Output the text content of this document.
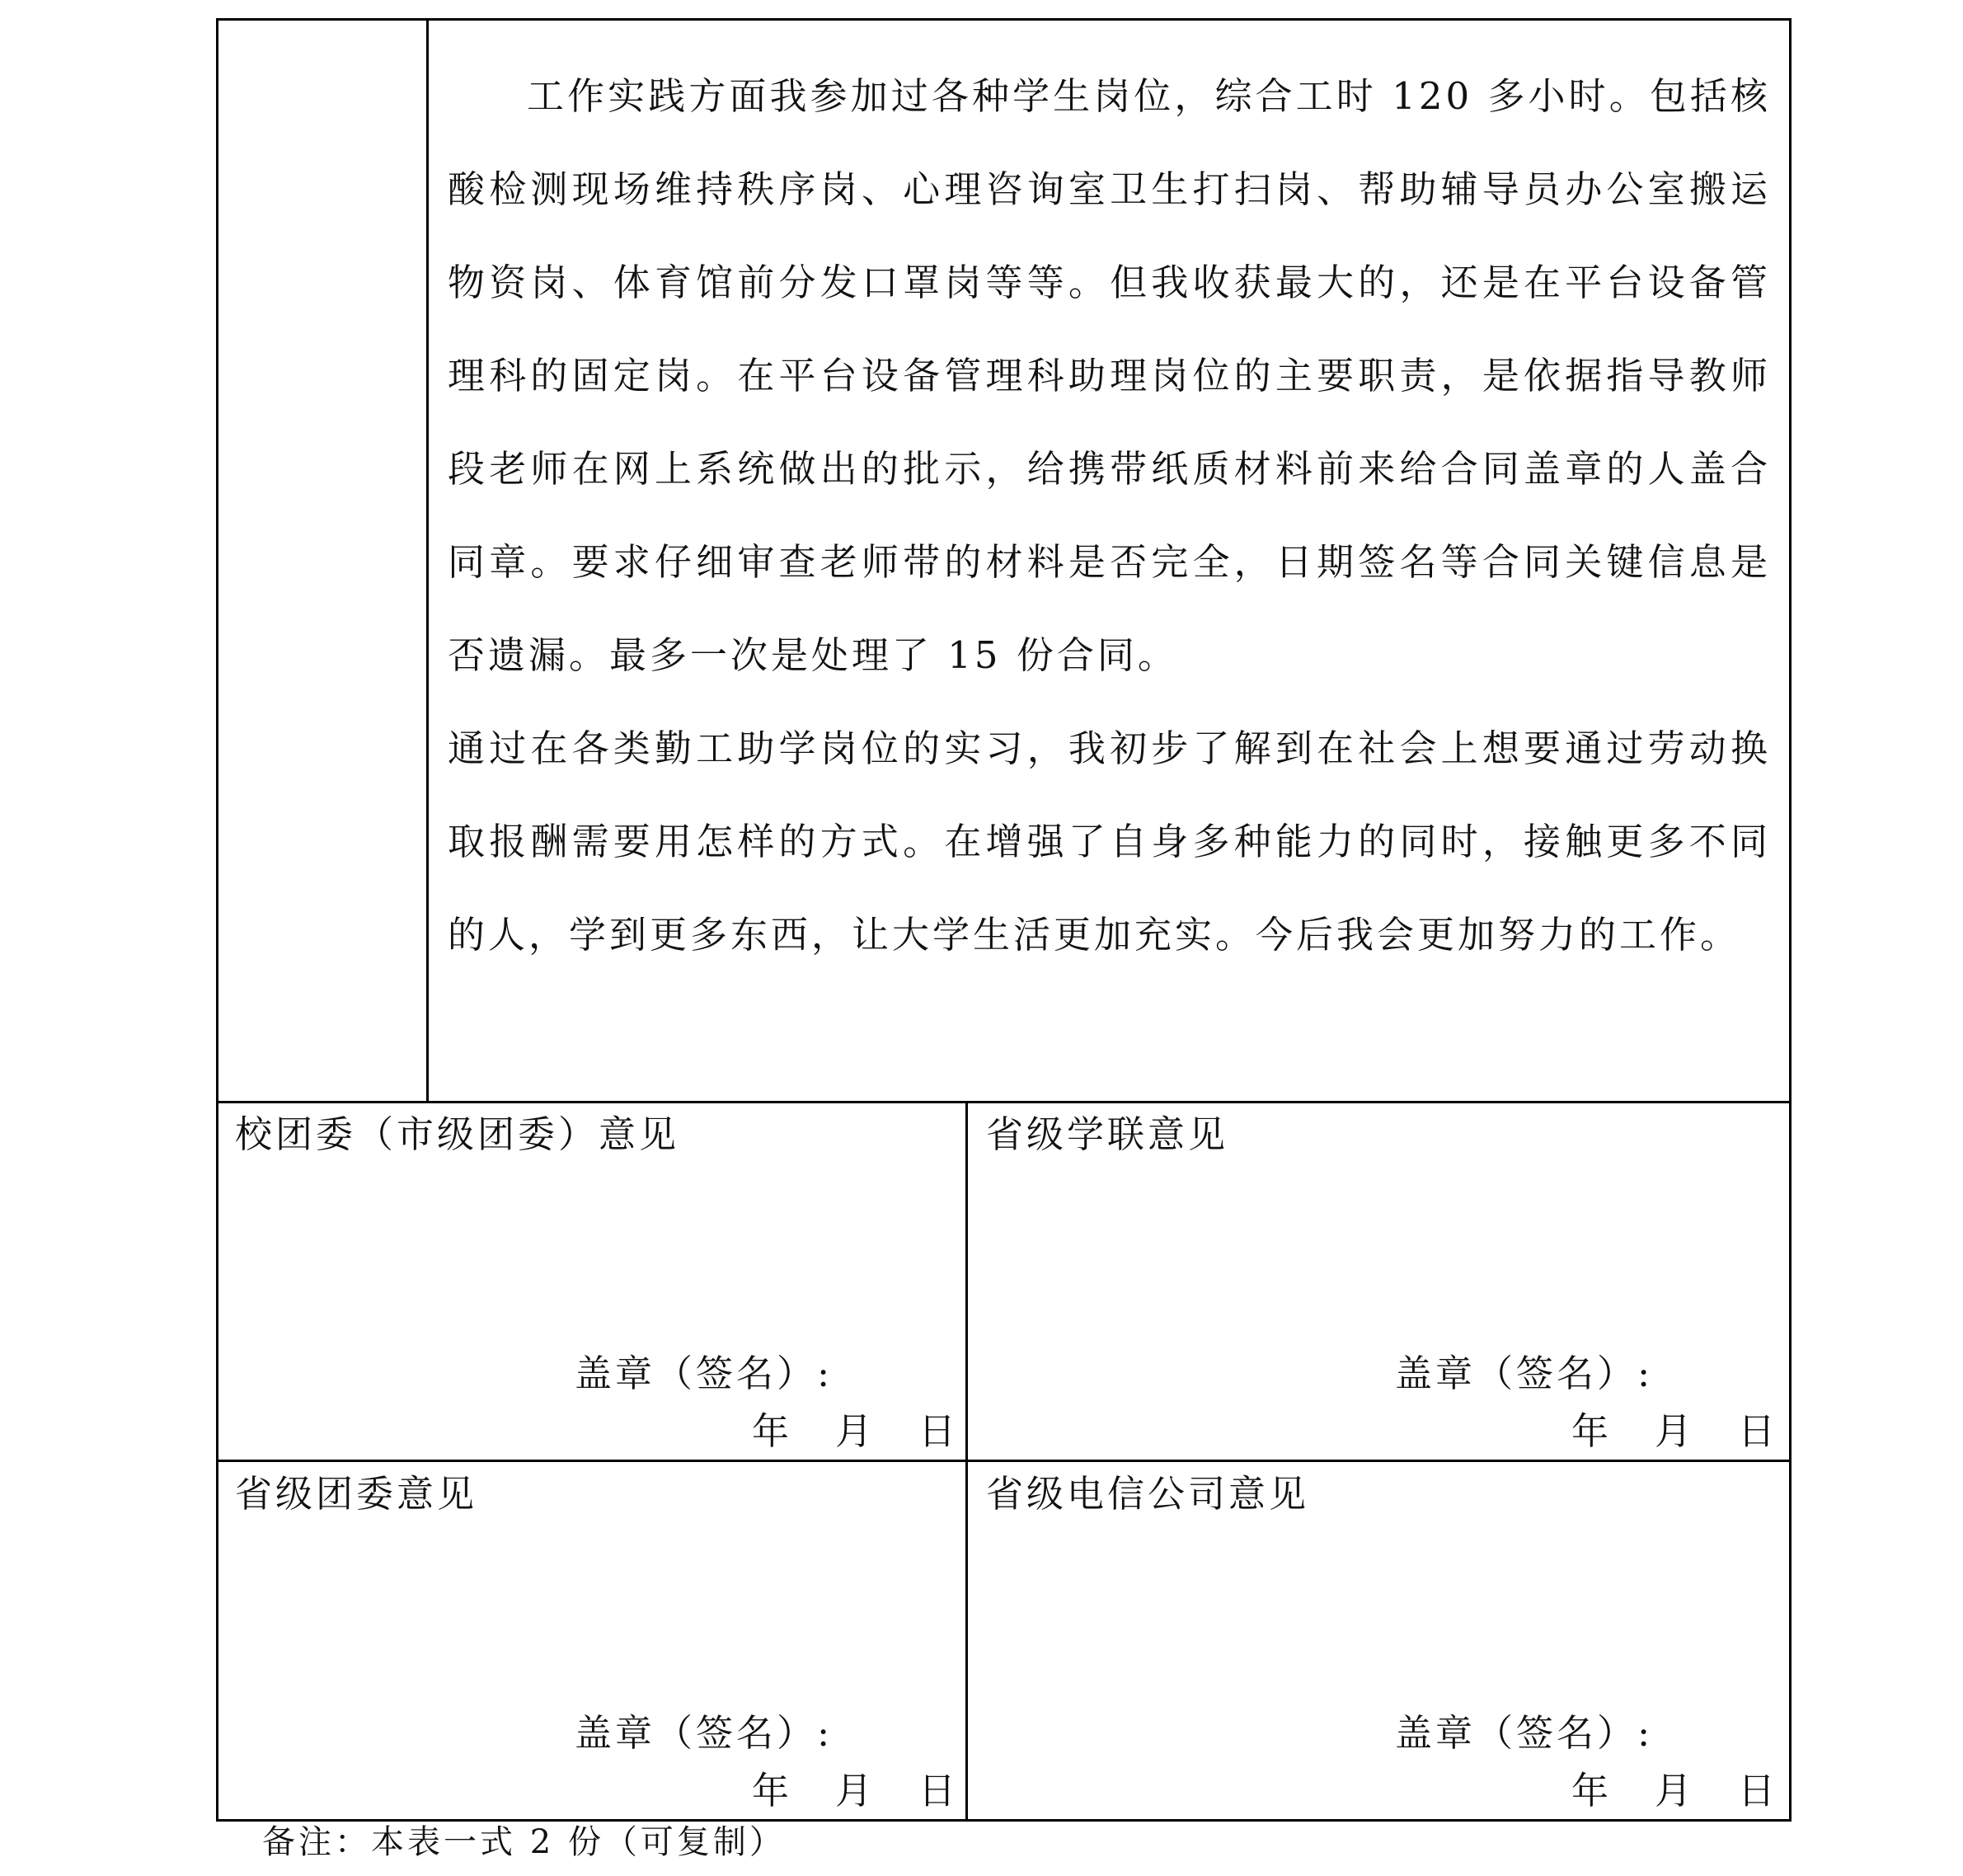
工作实践方面我参加过各种学生岗位，综合工时 120 多小时。包括核酸检测现场维持秩序岗、心理咨询室卫生打扫岗、帮助辅导员办公室搬运物资岗、体育馆前分发口罩岗等等。但我收获最大的，还是在平台设备管理科的固定岗。在平台设备管理科助理岗位的主要职责，是依据指导教师段老师在网上系统做出的批示，给携带纸质材料前来给合同盖章的人盖合同章。要求仔细审查老师带的材料是否完全，日期签名等合同关键信息是否遗漏。最多一次是处理了 15 份合同。

通过在各类勤工助学岗位的实习，我初步了解到在社会上想要通过劳动换取报酬需要用怎样的方式。在增强了自身多种能力的同时，接触更多不同的人，学到更多东西，让大学生活更加充实。今后我会更加努力的工作。

校团委（市级团委）意见
盖章（签名）:
年 月 日
省级学联意见
盖章（签名）:
年 月 日
省级团委意见
盖章（签名）:
年 月 日
省级电信公司意见
盖章（签名）:
年 月 日
备注：本表一式 2 份（可复制）
